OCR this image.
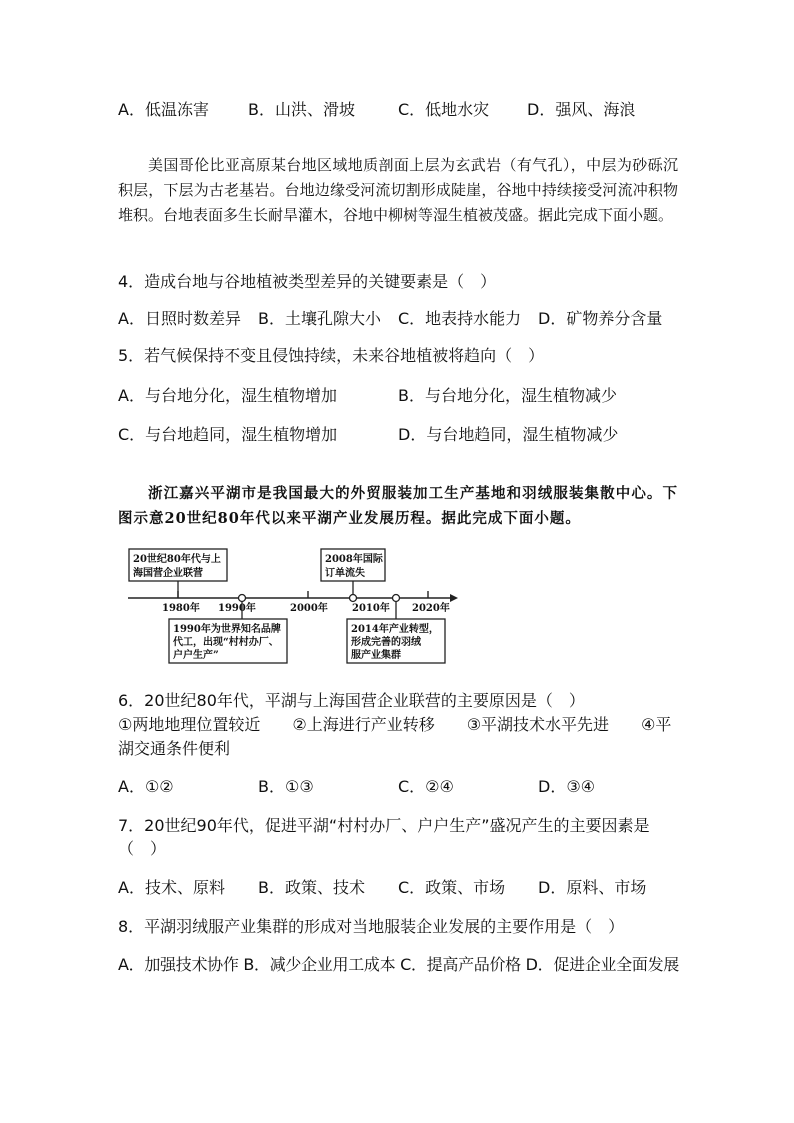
A．低温冻害 B．山洪、滑坡	C．低地水灾 D．强风、海浪
美国哥伦比亚高原某台地区域地质剖面上层为玄武岩（有气孔），中层为砂砾沉积层，下层为古老基岩。台地边缘受河流切割形成陡崖，谷地中持续接受河流冲积物堆积。台地表面多生长耐旱灌木，谷地中柳树等湿生植被茂盛。据此完成下面小题。
4．造成台地与谷地植被类型差异的关键要素是（　）
A．日照时数差异 B．土壤孔隙大小 C．地表持水能力 D．矿物养分含量
5．若气候保持不变且侵蚀持续，未来谷地植被将趋向（　）
A．与台地分化，湿生植物增加	B．与台地分化，湿生植物减少
C．与台地趋同，湿生植物增加	D．与台地趋同，湿生植物减少
浙江嘉兴平湖市是我国最大的外贸服装加工生产基地和羽绒服装集散中心。下图示意20世纪80年代以来平湖产业发展历程。据此完成下面小题。
1980年 1990年	2000年 2010年 2020年
20世纪80年代与上
海国营企业联营
2008年国际
订单流失
1990年为世界知名品牌
代工，出现“村村办厂、
户户生产”
2014年产业转型，
形成完善的羽绒
服产业集群
6．20世纪80年代，平湖与上海国营企业联营的主要原因是（　）
①两地地理位置较近　　②上海进行产业转移　　③平湖技术水平先进　　④平
湖交通条件便利
A．①②	B．①③	C．②④	D．③④
7．20世纪90年代，促进平湖“村村办厂、户户生产”盛况产生的主要因素是
（　）
A．技术、原料 B．政策、技术 C．政策、市场 D．原料、市场
8．平湖羽绒服产业集群的形成对当地服装企业发展的主要作用是（　）
A．加强技术协作 B．减少企业用工成本 C．提高产品价格 D．促进企业全面发展
